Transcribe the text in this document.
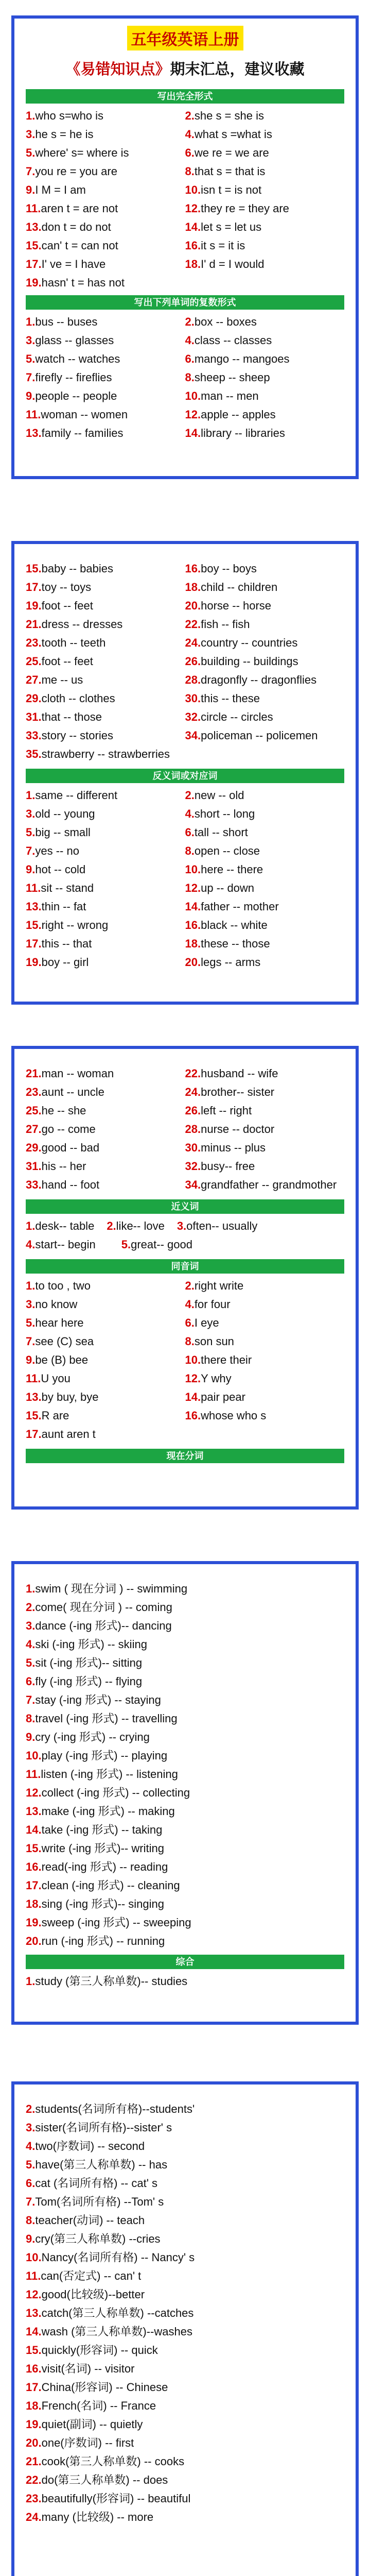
五年级英语上册
《易错知识点》期末汇总，建议收藏
写出完全形式
1.who s=who is
3.he s = he is
5.where' s= where is
7.you re = you are
9.I M = I am
11.aren t = are not
13.don t = do not
15.can' t = can not
17.I' ve = I have
19.hasn' t = has not
2.she s = she is
4.what s =what is
6.we re = we are
8.that s = that is
10.isn t = is not
12.they re = they are
14.let s = let us
16.it s = it is
18.I' d = I would
写出下列单词的复数形式
1.bus -- buses
3.glass -- glasses
5.watch -- watches
7.firefly -- fireflies
9.people -- people
11.woman -- women
13.family -- families
2.box -- boxes
4.class -- classes
6.mango -- mangoes
8.sheep -- sheep
10.man -- men
12.apple -- apples
14.library -- libraries
15.baby -- babies
17.toy -- toys
19.foot -- feet
21.dress -- dresses
23.tooth -- teeth
25.foot -- feet
27.me -- us
29.cloth -- clothes
31.that -- those
33.story -- stories
16.boy -- boys
18.child -- children
20.horse -- horse
22.fish -- fish
24.country -- countries
26.building -- buildings
28.dragonfly -- dragonflies
30.this -- these
32.circle -- circles
34.policeman -- policemen
35.strawberry -- strawberries
反义词或对应词
1.same -- different
3.old -- young
5.big -- small
7.yes -- no
9.hot -- cold
11.sit -- stand
13.thin -- fat
15.right -- wrong
17.this -- that
19.boy -- girl
2.new -- old
4.short -- long
6.tall -- short
8.open -- close
10.here -- there
12.up -- down
14.father -- mother
16.black -- white
18.these -- those
20.legs -- arms
21.man -- woman
23.aunt -- uncle
25.he -- she
27.go -- come
29.good -- bad
31.his -- her
33.hand -- foot
22.husband -- wife
24.brother-- sister
26.left -- right
28.nurse -- doctor
30.minus -- plus
32.busy-- free
34.grandfather -- grandmother
近义词
1.desk-- table 2.like-- love 3.often-- usually
4.start-- begin 5.great-- good
同音词
1.to too , two
3.no know
5.hear here
7.see (C) sea
9.be (B) bee
11.U you
13.by buy, bye
15.R are
17.aunt aren t
2.right write
4.for four
6.I eye
8.son sun
10.there their
12.Y why
14.pair pear
16.whose who s
现在分词
1.swim ( 现在分词 ) -- swimming
2.come( 现在分词 ) -- coming
3.dance (-ing 形式)-- dancing
4.ski (-ing 形式) -- skiing
5.sit (-ing 形式)-- sitting
6.fly (-ing 形式) -- flying
7.stay (-ing 形式) -- staying
8.travel (-ing 形式) -- travelling
9.cry (-ing 形式) -- crying
10.play (-ing 形式) -- playing
11.listen (-ing 形式) -- listening
12.collect (-ing 形式) -- collecting
13.make (-ing 形式) -- making
14.take (-ing 形式) -- taking
15.write (-ing 形式)-- writing
16.read(-ing 形式) -- reading
17.clean (-ing 形式) -- cleaning
18.sing (-ing 形式)-- singing
19.sweep (-ing 形式) -- sweeping
20.run (-ing 形式) -- running
综合
1.study (第三人称单数)-- studies
2.students(名词所有格)--students'
3.sister(名词所有格)--sister' s
4.two(序数词) -- second
5.have(第三人称单数) -- has
6.cat (名词所有格) -- cat' s
7.Tom(名词所有格) --Tom' s
8.teacher(动词) -- teach
9.cry(第三人称单数) --cries
10.Nancy(名词所有格) -- Nancy' s
11.can(否定式) -- can' t
12.good(比较级)--better
13.catch(第三人称单数) --catches
14.wash (第三人称单数)--washes
15.quickly(形容词) -- quick
16.visit(名词) -- visitor
17.China(形容词) -- Chinese
18.French(名词) -- France
19.quiet(副词) -- quietly
20.one(序数词) -- first
21.cook(第三人称单数) -- cooks
22.do(第三人称单数) -- does
23.beautifully(形容词) -- beautiful
24.many (比较级) -- more
